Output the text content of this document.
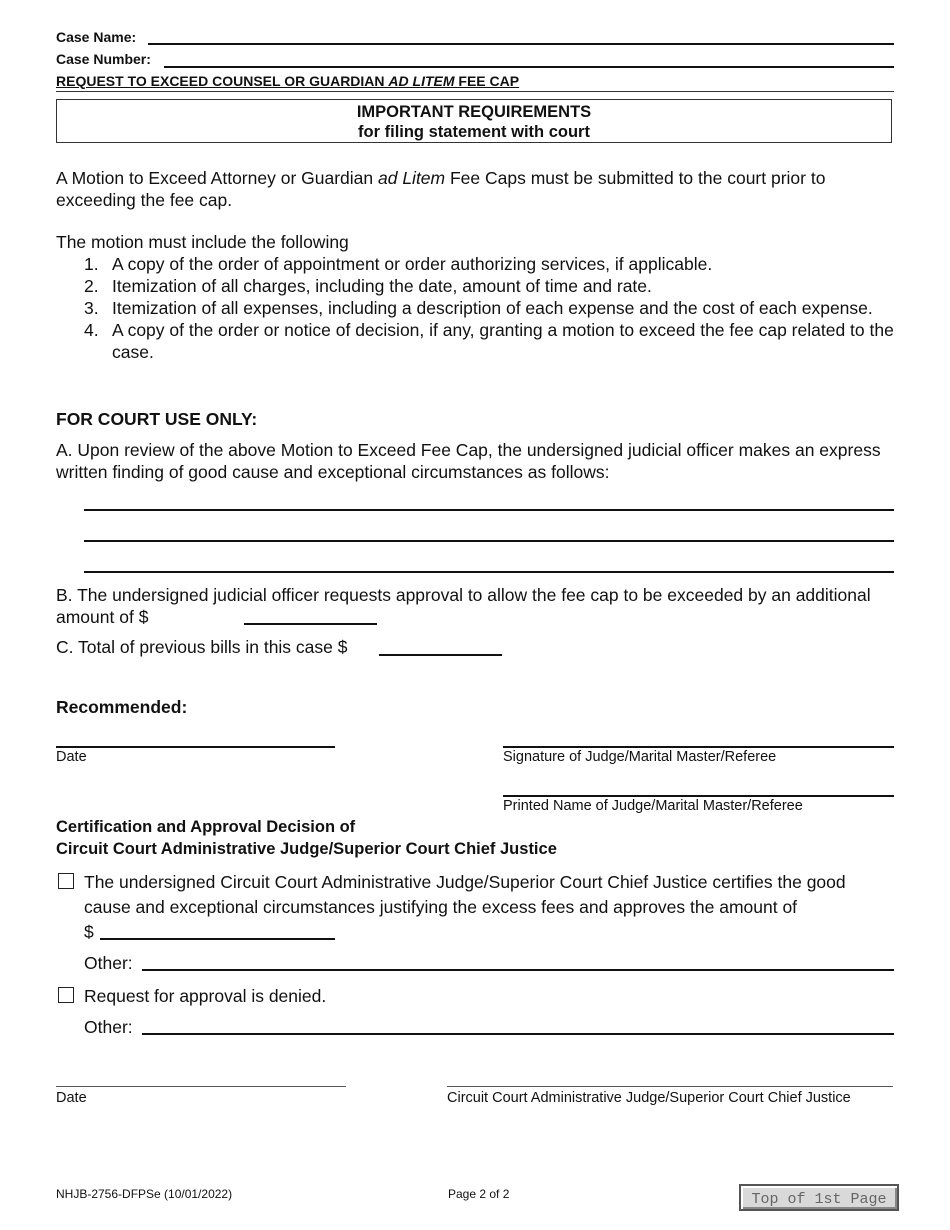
Case Name:
Case Number:
REQUEST TO EXCEED COUNSEL OR GUARDIAN AD LITEM FEE CAP
IMPORTANT REQUIREMENTS
for filing statement with court
A Motion to Exceed Attorney or Guardian ad Litem Fee Caps must be submitted to the court prior to exceeding the fee cap.
The motion must include the following
1. A copy of the order of appointment or order authorizing services, if applicable.
2. Itemization of all charges, including the date, amount of time and rate.
3. Itemization of all expenses, including a description of each expense and the cost of each expense.
4. A copy of the order or notice of decision, if any, granting a motion to exceed the fee cap related to the case.
FOR COURT USE ONLY:
A. Upon review of the above Motion to Exceed Fee Cap, the undersigned judicial officer makes an express written finding of good cause and exceptional circumstances as follows:
B. The undersigned judicial officer requests approval to allow the fee cap to be exceeded by an additional amount of $
C. Total of previous bills in this case $
Recommended:
Date	Signature of Judge/Marital Master/Referee
Printed Name of Judge/Marital Master/Referee
Certification and Approval Decision of
Circuit Court Administrative Judge/Superior Court Chief Justice
The undersigned Circuit Court Administrative Judge/Superior Court Chief Justice certifies the good cause and exceptional circumstances justifying the excess fees and approves the amount of
$
Other:
Request for approval is denied.
Other:
Date	Circuit Court Administrative Judge/Superior Court Chief Justice
NHJB-2756-DFPSe (10/01/2022)	Page 2 of 2	Top of 1st Page
